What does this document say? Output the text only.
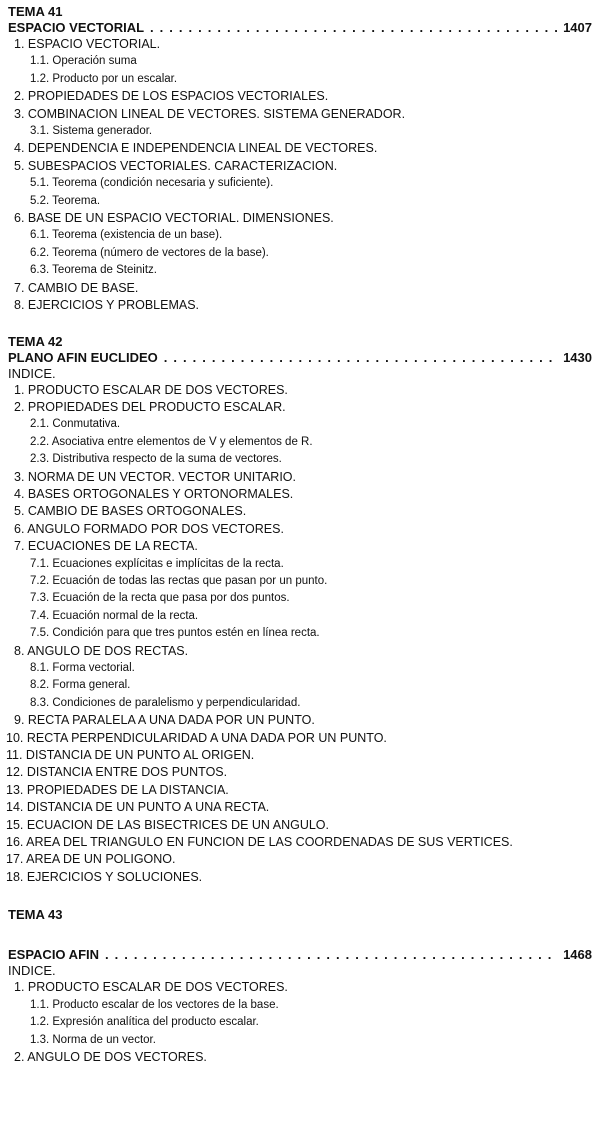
TEMA 41
ESPACIO VECTORIAL . . .	1407
1. ESPACIO VECTORIAL.
1.1. Operación suma
1.2. Producto por un escalar.
2. PROPIEDADES DE LOS ESPACIOS VECTORIALES.
3. COMBINACION LINEAL DE VECTORES. SISTEMA GENERADOR.
3.1. Sistema generador.
4. DEPENDENCIA E INDEPENDENCIA LINEAL DE VECTORES.
5. SUBESPACIOS VECTORIALES. CARACTERIZACION.
5.1. Teorema (condición necesaria y suficiente).
5.2. Teorema.
6. BASE DE UN ESPACIO VECTORIAL. DIMENSIONES.
6.1. Teorema (existencia de un base).
6.2. Teorema (número de vectores de la base).
6.3. Teorema de Steinitz.
7. CAMBIO DE BASE.
8. EJERCICIOS Y PROBLEMAS.
TEMA 42
PLANO AFIN EUCLIDEO . . .	1430
INDICE.
1. PRODUCTO ESCALAR DE DOS VECTORES.
2. PROPIEDADES DEL PRODUCTO ESCALAR.
2.1. Conmutativa.
2.2. Asociativa entre elementos de V y elementos de R.
2.3. Distributiva respecto de la suma de vectores.
3. NORMA DE UN VECTOR. VECTOR UNITARIO.
4. BASES ORTOGONALES Y ORTONORMALES.
5. CAMBIO DE BASES ORTOGONALES.
6. ANGULO FORMADO POR DOS VECTORES.
7. ECUACIONES DE LA RECTA.
7.1. Ecuaciones explícitas e implícitas de la recta.
7.2. Ecuación de todas las rectas que pasan por un punto.
7.3. Ecuación de la recta que pasa por dos puntos.
7.4. Ecuación normal de la recta.
7.5. Condición para que tres puntos estén en línea recta.
8. ANGULO DE DOS RECTAS.
8.1. Forma vectorial.
8.2. Forma general.
8.3. Condiciones de paralelismo y perpendicularidad.
9. RECTA PARALELA A UNA DADA POR UN PUNTO.
10. RECTA PERPENDICULARIDAD A UNA DADA POR UN PUNTO.
11. DISTANCIA DE UN PUNTO AL ORIGEN.
12. DISTANCIA ENTRE DOS PUNTOS.
13. PROPIEDADES DE LA DISTANCIA.
14. DISTANCIA DE UN PUNTO A UNA RECTA.
15. ECUACION DE LAS BISECTRICES DE UN ANGULO.
16. AREA DEL TRIANGULO EN FUNCION DE LAS COORDENADAS DE SUS VERTICES.
17. AREA DE UN POLIGONO.
18. EJERCICIOS Y SOLUCIONES.
TEMA 43
ESPACIO AFIN . . .	1468
INDICE.
1. PRODUCTO ESCALAR DE DOS VECTORES.
1.1. Producto escalar de los vectores de la base.
1.2. Expresión analítica del producto escalar.
1.3. Norma de un vector.
2. ANGULO DE DOS VECTORES.
